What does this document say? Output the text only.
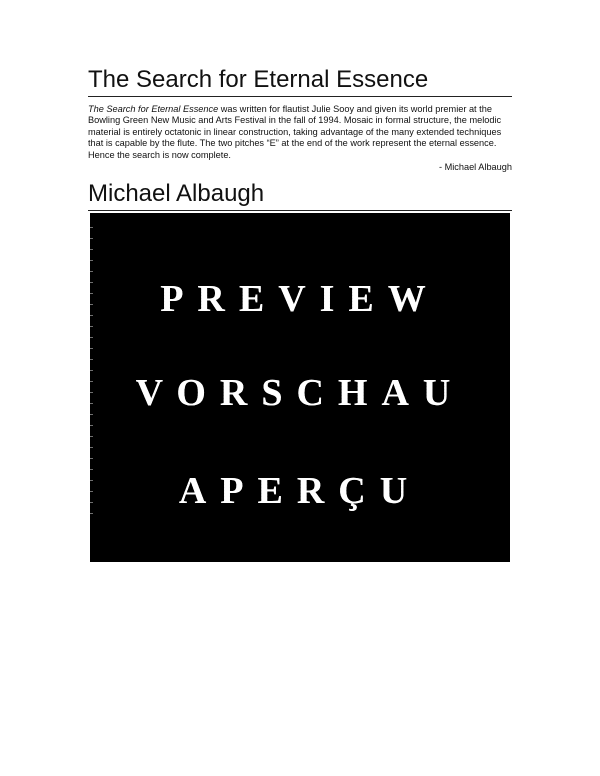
The Search for Eternal Essence
The Search for Eternal Essence was written for flautist Julie Sooy and given its world premier at the Bowling Green New Music and Arts Festival in the fall of 1994. Mosaic in formal structure, the melodic material is entirely octatonic in linear construction, taking advantage of the many extended techniques that is capable by the flute. The two pitches “E” at the end of the work represent the eternal essence. Hence the search is now complete.
- Michael Albaugh
Michael Albaugh
PREVIEW
VORSCHAU
APERÇU
